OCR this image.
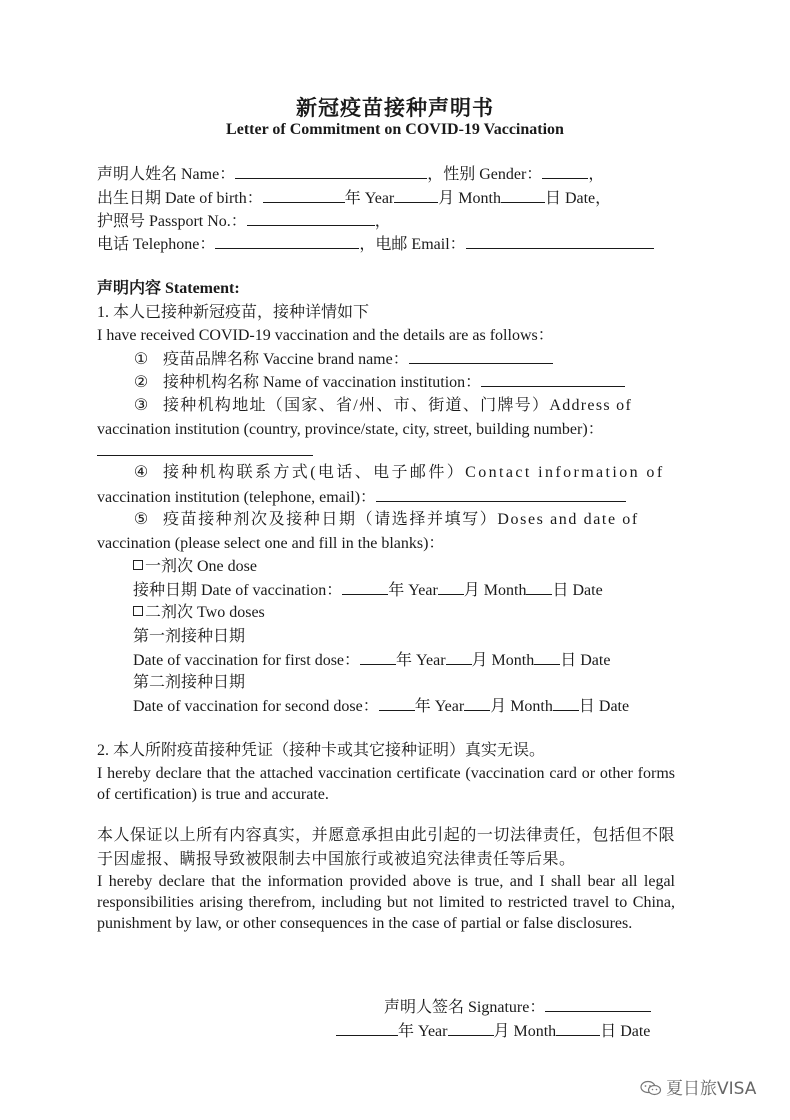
新冠疫苗接种声明书
Letter of Commitment on COVID-19 Vaccination
声明人姓名 Name：	，性别 Gender：	，
出生日期 Date of birth：	年 Year	月 Month	日 Date，
护照号 Passport No.：	，
电话 Telephone：	，电邮 Email：
声明内容 Statement:
1. 本人已接种新冠疫苗，接种详情如下
I have received COVID-19 vaccination and the details are as follows：
① 疫苗品牌名称 Vaccine brand name：
② 接种机构名称 Name of vaccination institution：
③ 接种机构地址（国家、省/州、市、街道、门牌号）Address of
vaccination institution (country, province/state, city, street, building number)：
④ 接种机构联系方式(电话、电子邮件）Contact information of
vaccination institution (telephone, email)：
⑤ 疫苗接种剂次及接种日期（请选择并填写）Doses and date of
vaccination (please select one and fill in the blanks)：
一剂次 One dose
接种日期 Date of vaccination：	年 Year 月 Month 日 Date
二剂次 Two doses
第一剂接种日期
Date of vaccination for first dose： 年 Year 月 Month 日 Date
第二剂接种日期
Date of vaccination for second dose： 年 Year 月 Month 日 Date
2. 本人所附疫苗接种凭证（接种卡或其它接种证明）真实无误。
I hereby declare that the attached vaccination certificate (vaccination card or other forms of certification) is true and accurate.
本人保证以上所有内容真实，并愿意承担由此引起的一切法律责任，包括但不限于因虚报、瞒报导致被限制去中国旅行或被追究法律责任等后果。
I hereby declare that the information provided above is true, and I shall bear all legal responsibilities arising therefrom, including but not limited to restricted travel to China, punishment by law, or other consequences in the case of partial or false disclosures.
声明人签名 Signature：
年 Year	月 Month	日 Date
夏日旅VISA
